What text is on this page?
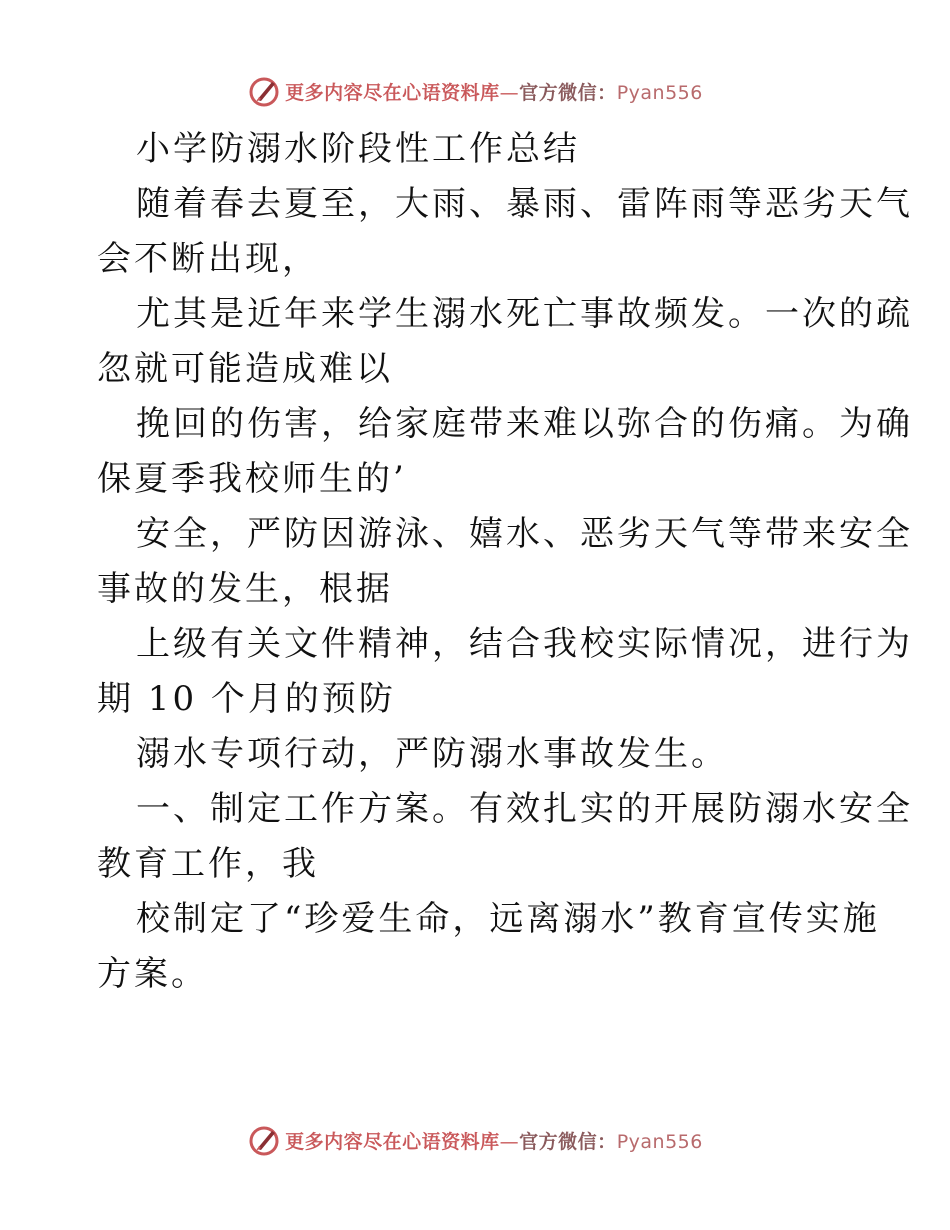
更多内容尽在心语资料库—官方微信：Pyan556

小学防溺水阶段性工作总结

随着春去夏至，大雨、暴雨、雷阵雨等恶劣天气

会不断出现，

尤其是近年来学生溺水死亡事故频发。一次的疏

忽就可能造成难以

挽回的伤害，给家庭带来难以弥合的伤痛。为确

保夏季我校师生的’

安全，严防因游泳、嬉水、恶劣天气等带来安全

事故的发生，根据

上级有关文件精神，结合我校实际情况，进行为

期 10 个月的预防

溺水专项行动，严防溺水事故发生。

一、制定工作方案。有效扎实的开展防溺水安全

教育工作，我

校制定了“珍爱生命，远离溺水”教育宣传实施

方案。

更多内容尽在心语资料库—官方微信：Pyan556
